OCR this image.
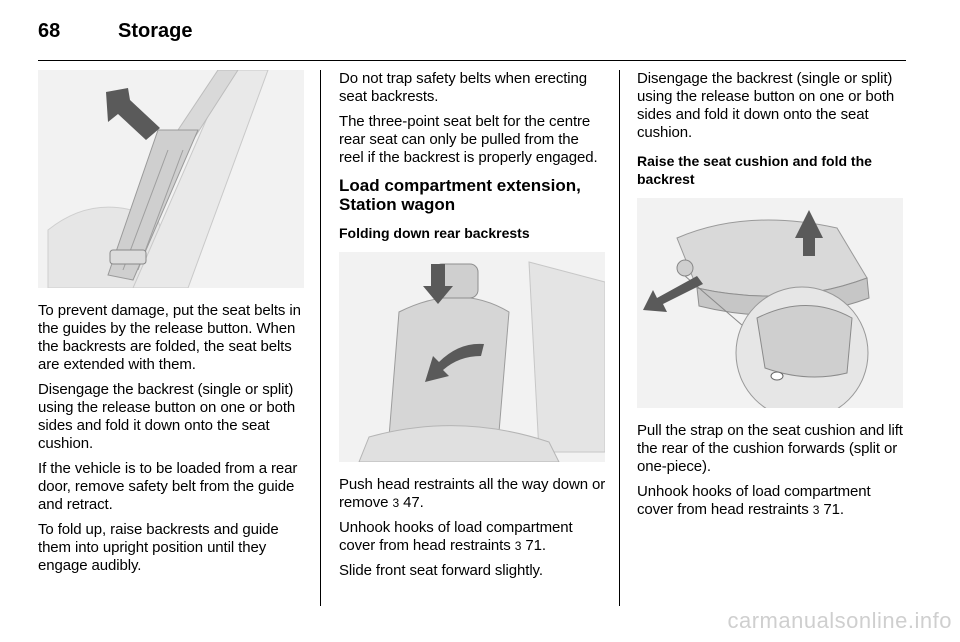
68	Storage

To prevent damage, put the seat belts in the guides by the release button. When the backrests are folded, the seat belts are extended with them.

Disengage the backrest (single or split) using the release button on one or both sides and fold it down onto the seat cushion.

If the vehicle is to be loaded from a rear door, remove safety belt from the guide and retract.

To fold up, raise backrests and guide them into upright position until they engage audibly.

Do not trap safety belts when erecting seat backrests.

The three-point seat belt for the centre rear seat can only be pulled from the reel if the backrest is properly engaged.

Load compartment extension, Station wagon
Folding down rear backrests

Push head restraints all the way down or remove 3 47.

Unhook hooks of load compartment cover from head restraints 3 71.

Slide front seat forward slightly.

Disengage the backrest (single or split) using the release button on one or both sides and fold it down onto the seat cushion.

Raise the seat cushion and fold the backrest

Pull the strap on the seat cushion and lift the rear of the cushion forwards (split or one-piece).

Unhook hooks of load compartment cover from head restraints 3 71.

carmanualsonline.info
